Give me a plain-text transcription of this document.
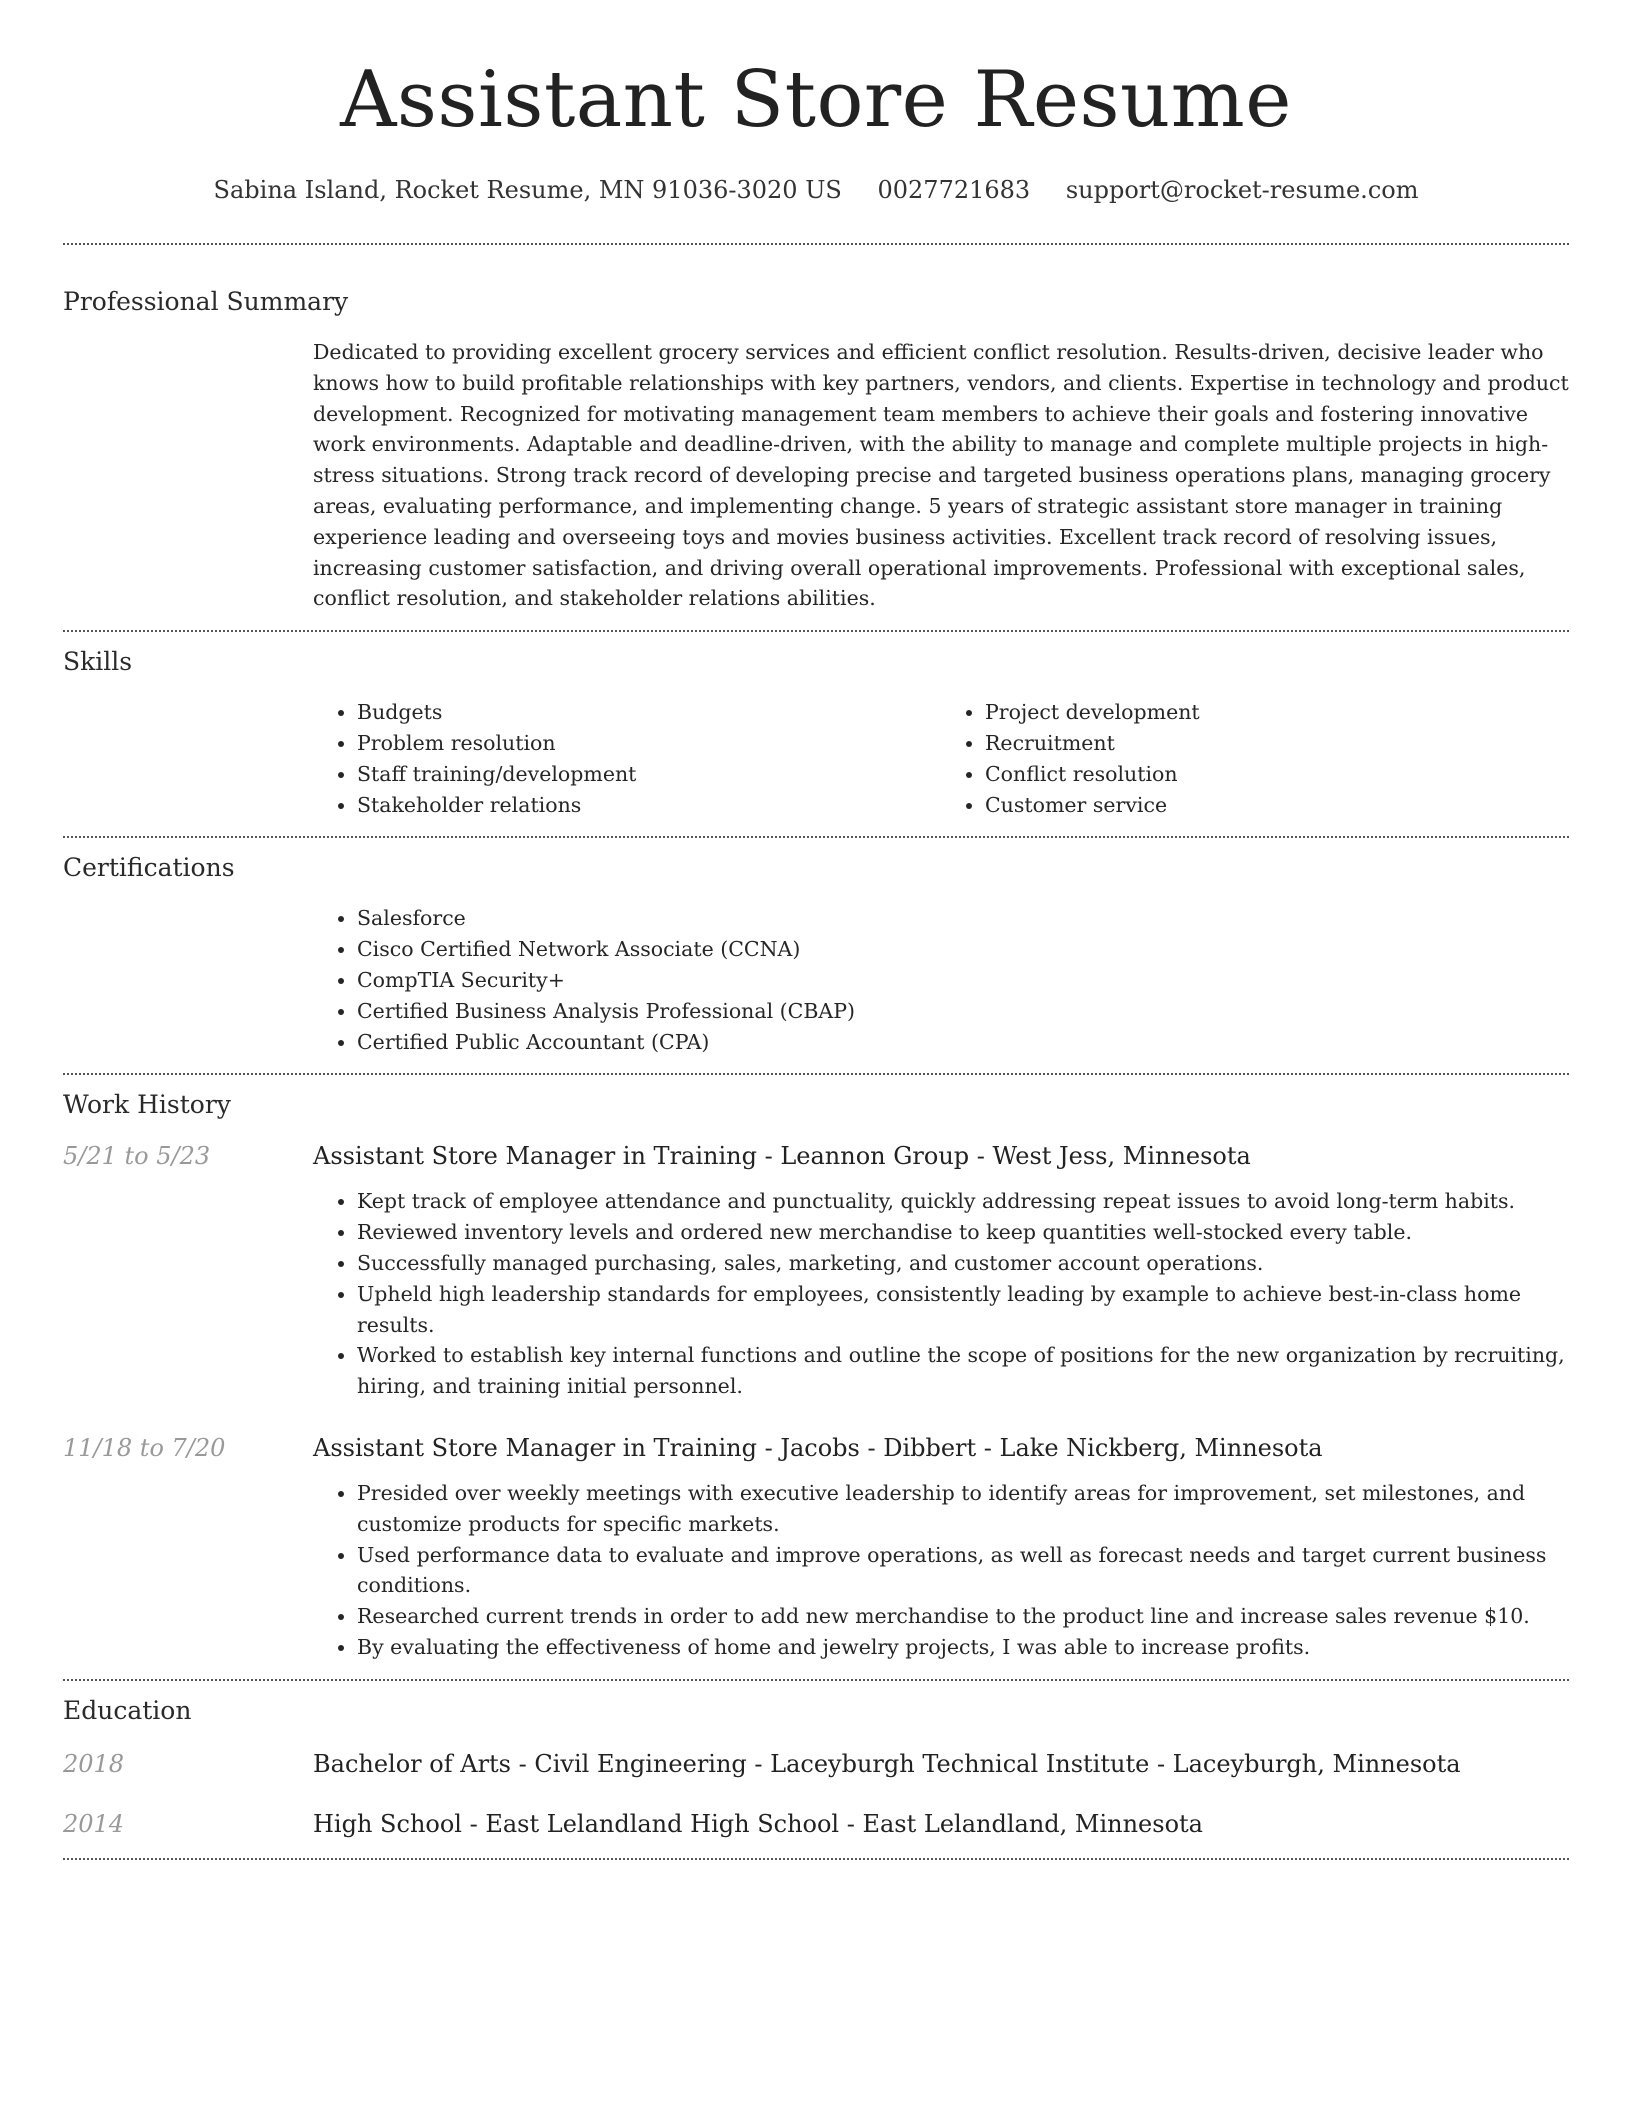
Assistant Store Resume
Sabina Island, Rocket Resume, MN 91036-3020 US 0027721683 support@rocket-resume.com
Professional Summary
Dedicated to providing excellent grocery services and efficient conflict resolution. Results-driven, decisive leader who knows how to build profitable relationships with key partners, vendors, and clients. Expertise in technology and product development. Recognized for motivating management team members to achieve their goals and fostering innovative work environments. Adaptable and deadline-driven, with the ability to manage and complete multiple projects in high-stress situations. Strong track record of developing precise and targeted business operations plans, managing grocery areas, evaluating performance, and implementing change. 5 years of strategic assistant store manager in training experience leading and overseeing toys and movies business activities. Excellent track record of resolving issues, increasing customer satisfaction, and driving overall operational improvements. Professional with exceptional sales, conflict resolution, and stakeholder relations abilities.
Skills
• Budgets
• Problem resolution
• Staff training/development
• Stakeholder relations
• Project development
• Recruitment
• Conflict resolution
• Customer service
Certifications
• Salesforce
• Cisco Certified Network Associate (CCNA)
• CompTIA Security+
• Certified Business Analysis Professional (CBAP)
• Certified Public Accountant (CPA)
Work History
5/21 to 5/23	Assistant Store Manager in Training - Leannon Group - West Jess, Minnesota
• Kept track of employee attendance and punctuality, quickly addressing repeat issues to avoid long-term habits.
• Reviewed inventory levels and ordered new merchandise to keep quantities well-stocked every table.
• Successfully managed purchasing, sales, marketing, and customer account operations.
• Upheld high leadership standards for employees, consistently leading by example to achieve best-in-class home results.
• Worked to establish key internal functions and outline the scope of positions for the new organization by recruiting, hiring, and training initial personnel.
11/18 to 7/20	Assistant Store Manager in Training - Jacobs - Dibbert - Lake Nickberg, Minnesota
• Presided over weekly meetings with executive leadership to identify areas for improvement, set milestones, and customize products for specific markets.
• Used performance data to evaluate and improve operations, as well as forecast needs and target current business conditions.
• Researched current trends in order to add new merchandise to the product line and increase sales revenue $10.
• By evaluating the effectiveness of home and jewelry projects, I was able to increase profits.
Education
2018	Bachelor of Arts - Civil Engineering - Laceyburgh Technical Institute - Laceyburgh, Minnesota
2014	High School - East Lelandland High School - East Lelandland, Minnesota
